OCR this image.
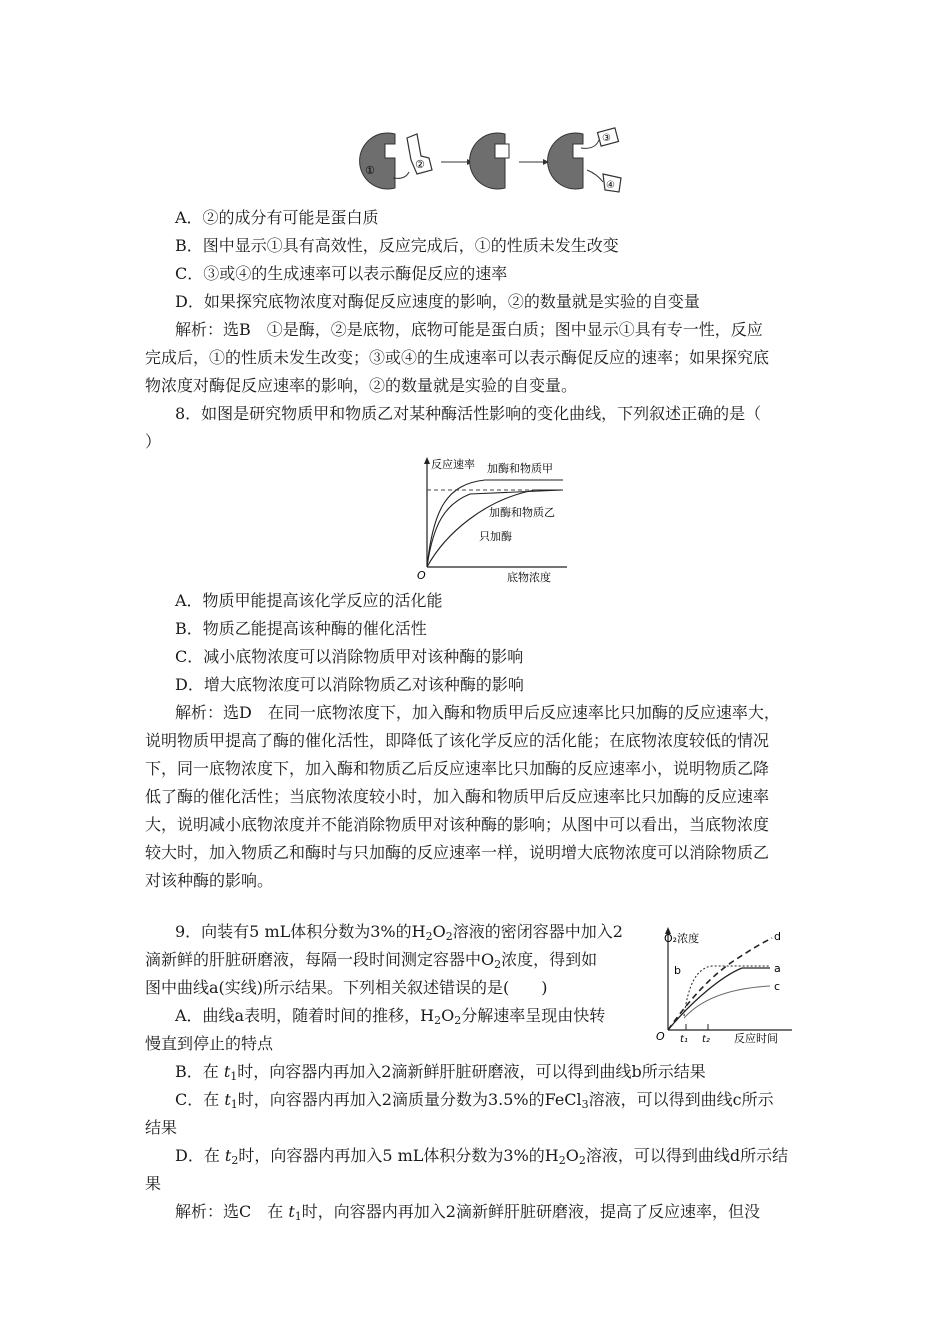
①	②
③
④
A．②的成分有可能是蛋白质
B．图中显示①具有高效性，反应完成后，①的性质未发生改变
C．③或④的生成速率可以表示酶促反应的速率
D．如果探究底物浓度对酶促反应速度的影响，②的数量就是实验的自变量
解析：选B　①是酶，②是底物，底物可能是蛋白质；图中显示①具有专一性，反应
完成后，①的性质未发生改变；③或④的生成速率可以表示酶促反应的速率；如果探究底
物浓度对酶促反应速率的影响，②的数量就是实验的自变量。
8．如图是研究物质甲和物质乙对某种酶活性影响的变化曲线，下列叙述正确的是（
）
反应速率 加酶和物质甲
加酶和物质乙
只加酶
O	底物浓度
A．物质甲能提高该化学反应的活化能
B．物质乙能提高该种酶的催化活性
C．减小底物浓度可以消除物质甲对该种酶的影响
D．增大底物浓度可以消除物质乙对该种酶的影响
解析：选D　在同一底物浓度下，加入酶和物质甲后反应速率比只加酶的反应速率大，
说明物质甲提高了酶的催化活性，即降低了该化学反应的活化能；在底物浓度较低的情况
下，同一底物浓度下，加入酶和物质乙后反应速率比只加酶的反应速率小，说明物质乙降
低了酶的催化活性；当底物浓度较小时，加入酶和物质甲后反应速率比只加酶的反应速率
大，说明减小底物浓度并不能消除物质甲对该种酶的影响；从图中可以看出，当底物浓度
较大时，加入物质乙和酶时与只加酶的反应速率一样，说明增大底物浓度可以消除物质乙
对该种酶的影响。
9．向装有5 mL体积分数为3%的$H_2O_2$溶液的密闭容器中加入2
滴新鲜的肝脏研磨液，每隔一段时间测定容器中$O_2$浓度，得到如
图中曲线a(实线)所示结果。下列相关叙述错误的是(　　)
A．曲线a表明，随着时间的推移，$H_2O_2$分解速率呈现由快转
慢直到停止的特点
O₂浓度	d
b	a
c
O t₁ t₂ 反应时间
B．在 $t_1$时，向容器内再加入2滴新鲜肝脏研磨液，可以得到曲线b所示结果
C．在 $t_1$时，向容器内再加入2滴质量分数为3.5%的FeCl$_3$溶液，可以得到曲线c所示
结果
D．在 $t_2$时，向容器内再加入5 mL体积分数为3%的$H_2O_2$溶液，可以得到曲线d所示结
果
解析：选C　在 $t_1$时，向容器内再加入2滴新鲜肝脏研磨液，提高了反应速率，但没
